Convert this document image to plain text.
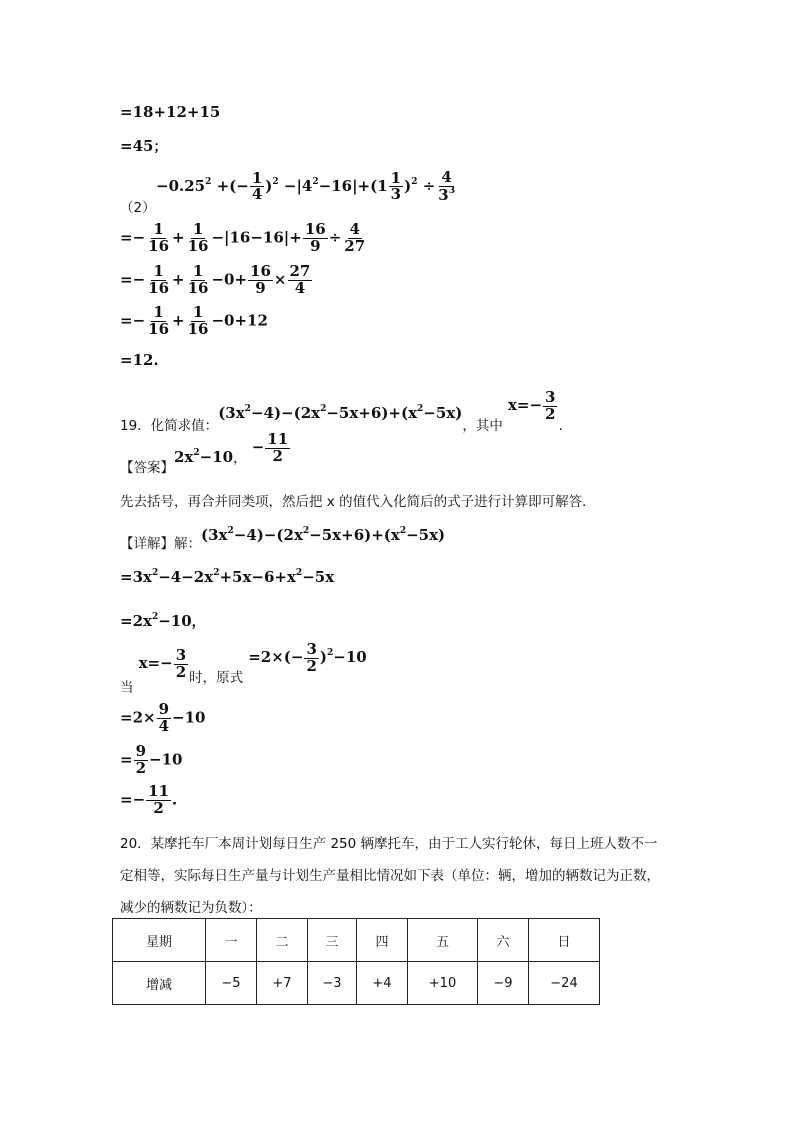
=18+12+15
=45；
（2）
$-0.25^2$ +(− $\frac{1}{4} )^2 -|4^2-16|+(1 \frac{1}{3} )^2 \div \frac{4}{3^3}$
=− $\frac{1}{16} + \frac{1}{16} -|16-16|+ \frac{16}{9} \div \frac{4}{27}$
=− $\frac{1}{16} + \frac{1}{16} -0+ \frac{16}{9} \times \frac{27}{4}$
=− $\frac{1}{16} + \frac{1}{16} -0+12$
=12.
$_{19.化简求值:}(3x^2-4)-(2x^2-5x+6)+(x^2-5x)_{,其中}$ $x=- \frac{3}{2}$
$_.$
$_{【答案】}2x^2-10$， − $\frac{11}{2}$
先去括号，再合并同类项，然后把 x 的值代入化简后的式子进行计算即可解答．
$_{【详解】解:}(3x^2-4)-(2x^2-5x+6)+(x^2-5x)$
$=3x^2-4-2x^2+5x-6+x^2-5x$
$=2x^2-10$，
$_当$ $x=- \frac{3}{2} _{时,原式} =2\times(- \frac{3}{2} )^2-10$
$=2\times \frac{9}{4} -10$
= $\frac{9}{2} -10$
=− $\frac{11}{2}$ .
20．某摩托车厂本周计划每日生产 250 辆摩托车，由于工人实行轮休，每日上班人数不一
定相等，实际每日生产量与计划生产量相比情况如下表（单位：辆，增加的辆数记为正数，
减少的辆数记为负数）：
星期	一	二	三	四	五	六	日
增减	−5	+7	−3	+4	+10	−9	−24
